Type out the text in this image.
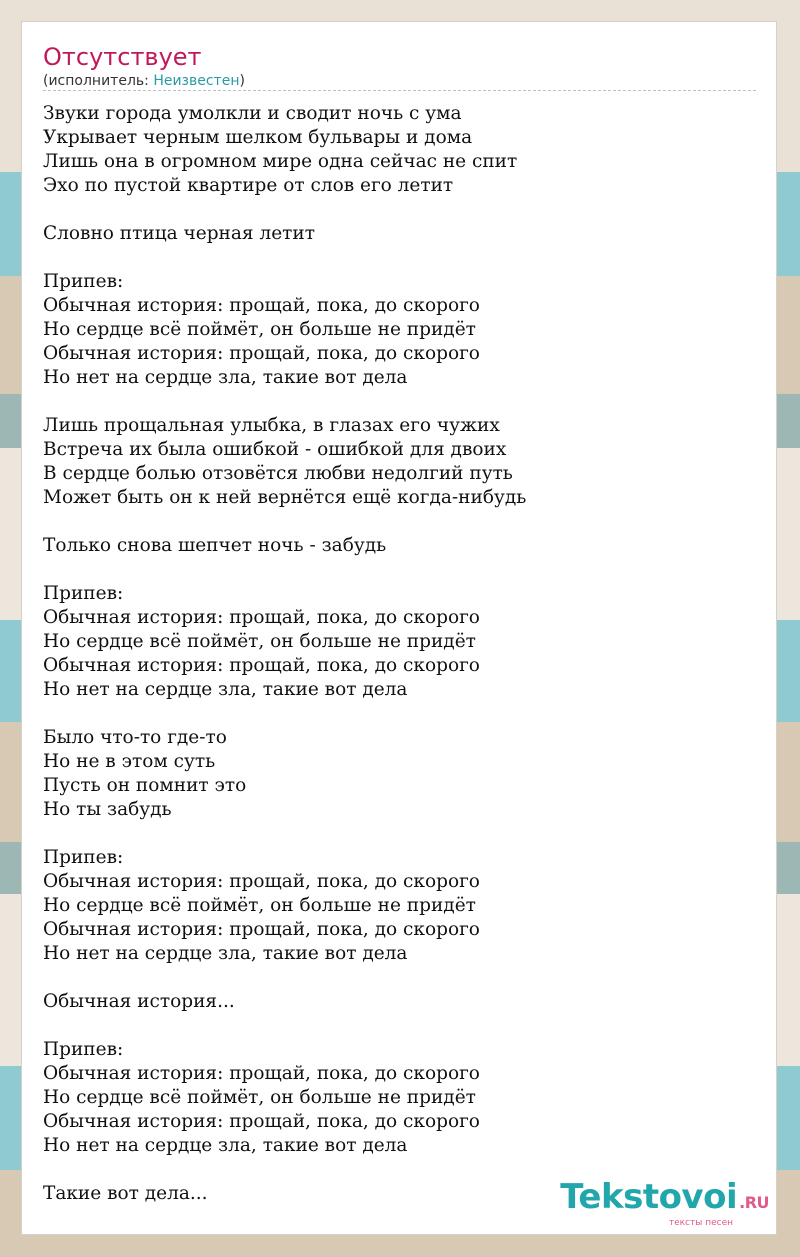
Отсутствует
(исполнитель: Неизвестен)
Звуки города умолкли и сводит ночь с ума
Укрывает черным шелком бульвары и дома
Лишь она в огромном мире одна сейчас не спит
Эхо по пустой квартире от слов его летит
Словно птица черная летит
Припев:
Обычная история: прощай, пока, до скорого
Но сердце всё поймёт, он больше не придёт
Обычная история: прощай, пока, до скорого
Но нет на сердце зла, такие вот дела
Лишь прощальная улыбка, в глазах его чужих
Встреча их была ошибкой - ошибкой для двоих
В сердце болью отзовётся любви недолгий путь
Может быть он к ней вернётся ещё когда-нибудь
Только снова шепчет ночь - забудь
Припев:
Обычная история: прощай, пока, до скорого
Но сердце всё поймёт, он больше не придёт
Обычная история: прощай, пока, до скорого
Но нет на сердце зла, такие вот дела
Было что-то где-то
Но не в этом суть
Пусть он помнит это
Но ты забудь
Припев:
Обычная история: прощай, пока, до скорого
Но сердце всё поймёт, он больше не придёт
Обычная история: прощай, пока, до скорого
Но нет на сердце зла, такие вот дела
Обычная история...
Припев:
Обычная история: прощай, пока, до скорого
Но сердце всё поймёт, он больше не придёт
Обычная история: прощай, пока, до скорого
Но нет на сердце зла, такие вот дела
Такие вот дела...	Tekstovoi .RU
тексты песен
